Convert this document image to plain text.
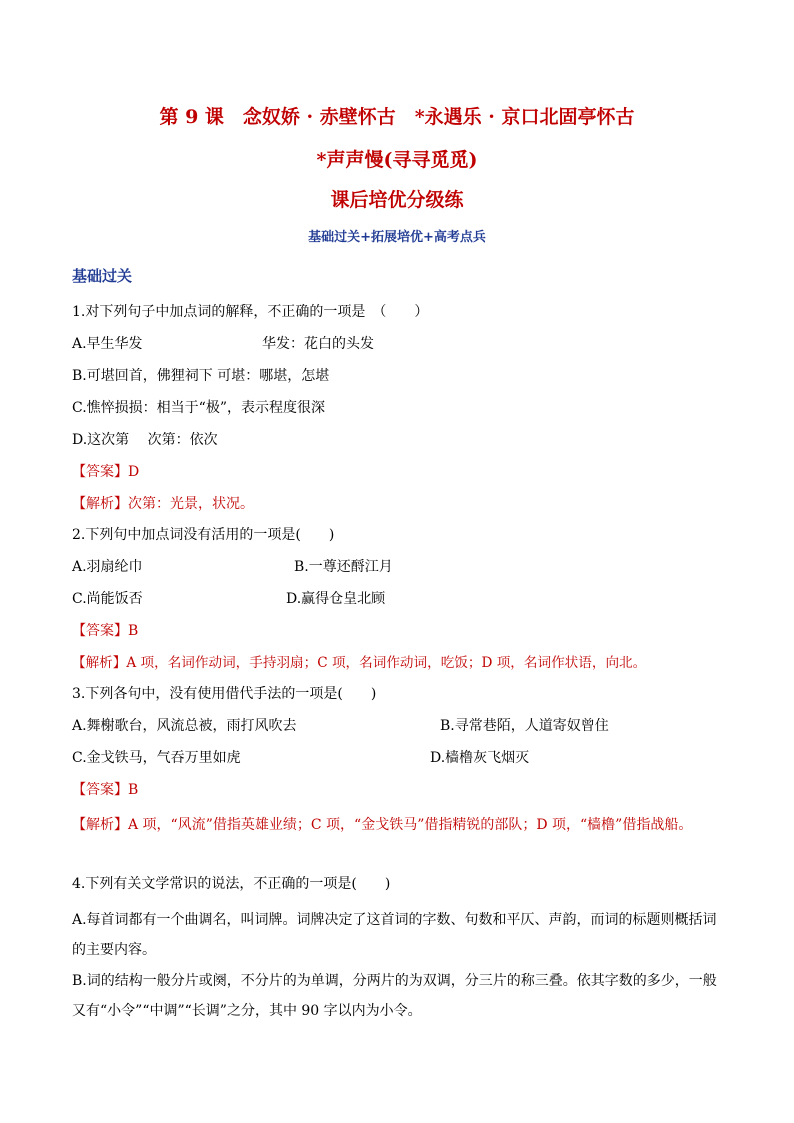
第 9 课　念奴娇 · 赤壁怀古　*永遇乐 · 京口北固亭怀古
*声声慢(寻寻觅觅)
课后培优分级练
基础过关+拓展培优+高考点兵
基础过关
1.对下列句子中加点词的解释，不正确的一项是　（　　）
A.早生华发	华发：花白的头发
B.可堪回首，佛狸祠下 可堪：哪堪，怎堪
C.憔悴损损：相当于“极”，表示程度很深
D.这次第　 次第：依次
【答案】D
【解析】次第：光景，状况。
2.下列句中加点词没有活用的一项是(　　)
A.羽扇纶巾	B.一尊还酹江月
C.尚能饭否	D.赢得仓皇北顾
【答案】B
【解析】A 项，名词作动词，手持羽扇；C 项，名词作动词，吃饭；D 项，名词作状语，向北。
3.下列各句中，没有使用借代手法的一项是(　　)
A.舞榭歌台，风流总被，雨打风吹去	B.寻常巷陌，人道寄奴曾住
C.金戈铁马，气吞万里如虎	D.樯橹灰飞烟灭
【答案】B
【解析】A 项，“风流”借指英雄业绩；C 项，“金戈铁马”借指精锐的部队；D 项，“樯橹”借指战船。
4.下列有关文学常识的说法，不正确的一项是(　　)
A.每首词都有一个曲调名，叫词牌。词牌决定了这首词的字数、句数和平仄、声韵，而词的标题则概括词的主要内容。
B.词的结构一般分片或阕，不分片的为单调，分两片的为双调，分三片的称三叠。依其字数的多少，一般又有“小令”“中调”“长调”之分，其中 90 字以内为小令。
